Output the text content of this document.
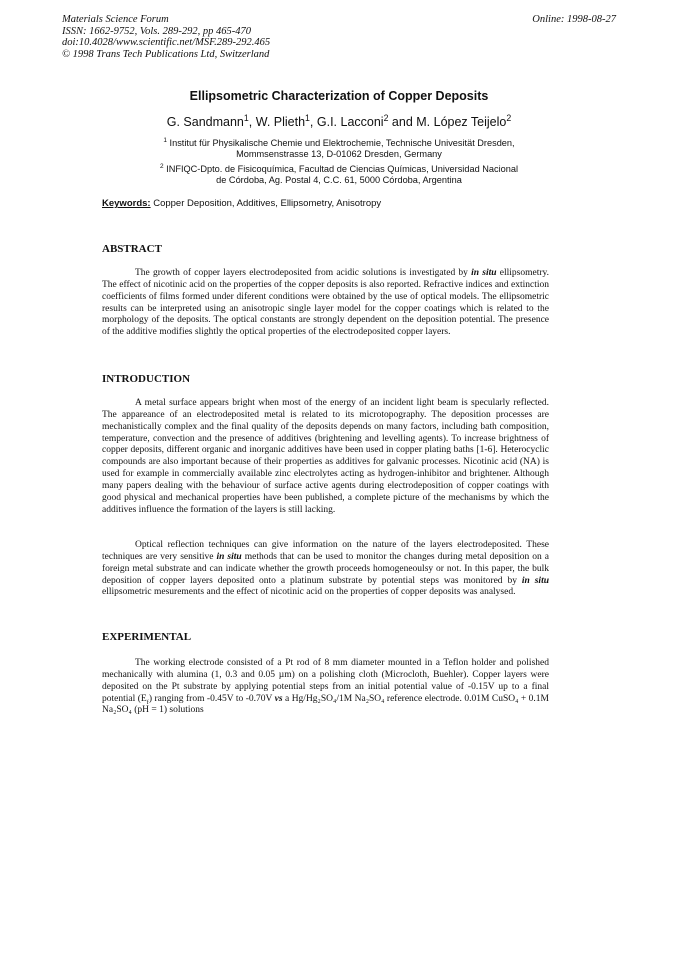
Materials Science Forum
ISSN: 1662-9752, Vols. 289-292, pp 465-470
doi:10.4028/www.scientific.net/MSF.289-292.465
© 1998 Trans Tech Publications Ltd, Switzerland
Online: 1998-08-27
Ellipsometric Characterization of Copper Deposits
G. Sandmann$^1$, W. Plieth$^1$, G.I. Lacconi$^2$ and M. López Teijelo$^2$
$^1$ Institut für Physikalische Chemie und Elektrochemie, Technische Univesität Dresden,
Mommsenstrasse 13, D-01062 Dresden, Germany
$^2$ INFIQC-Dpto. de Fisicoquímica, Facultad de Ciencias Químicas, Universidad Nacional
de Córdoba, Ag. Postal 4, C.C. 61, 5000 Córdoba, Argentina
Keywords: Copper Deposition, Additives, Ellipsometry, Anisotropy
ABSTRACT

The growth of copper layers electrodeposited from acidic solutions is investigated by in situ ellipsometry. The effect of nicotinic acid on the properties of the copper deposits is also reported. Refractive indices and extinction coefficients of films formed under diferent conditions were obtained by the use of optical models. The ellipsometric results can be interpreted using an anisotropic single layer model for the copper coatings which is related to the morphology of the deposits. The optical constants are strongly dependent on the deposition potential. The presence of the additive modifies slightly the optical properties of the electrodeposited copper layers.

INTRODUCTION

A metal surface appears bright when most of the energy of an incident light beam is specularly reflected. The appareance of an electrodeposited metal is related to its microtopography. The deposition processes are mechanistically complex and the final quality of the deposits depends on many factors, including bath composition, temperature, convection and the presence of additives (brightening and levelling agents). To increase brightness of copper deposits, different organic and inorganic additives have been used in copper plating baths [1-6]. Heterocyclic compounds are also important because of their properties as additives for galvanic processes. Nicotinic acid (NA) is used for example in commercially available zinc electrolytes acting as hydrogen-inhibitor and brightener. Although many papers dealing with the behaviour of surface active agents during electrodeposition of copper coatings with good physical and mechanical properties have been published, a complete picture of the mechanisms by which the additives influence the formation of the layers is still lacking.

Optical reflection techniques can give information on the nature of the layers electrodeposited. These techniques are very sensitive in situ methods that can be used to monitor the changes during metal deposition on a foreign metal substrate and can indicate whether the growth proceeds homogeneoulsy or not. In this paper, the bulk deposition of copper layers deposited onto a platinum substrate by potential steps was monitored by in situ ellipsometric mesurements and the effect of nicotinic acid on the properties of copper deposits was analysed.

EXPERIMENTAL

The working electrode consisted of a Pt rod of 8 mm diameter mounted in a Teflon holder and polished mechanically with alumina (1, 0.3 and 0.05 µm) on a polishing cloth (Microcloth, Buehler). Copper layers were deposited on the Pt substrate by applying potential steps from an initial potential value of -0.15V up to a final potential $(E_f)$ ranging from -0.45V to -0.70V vs a Hg/Hg₂SO₄/1M Na₂SO₄ reference electrode. 0.01M CuSO₄ + 0.1M Na₂SO₄ (pH = 1) solutions
